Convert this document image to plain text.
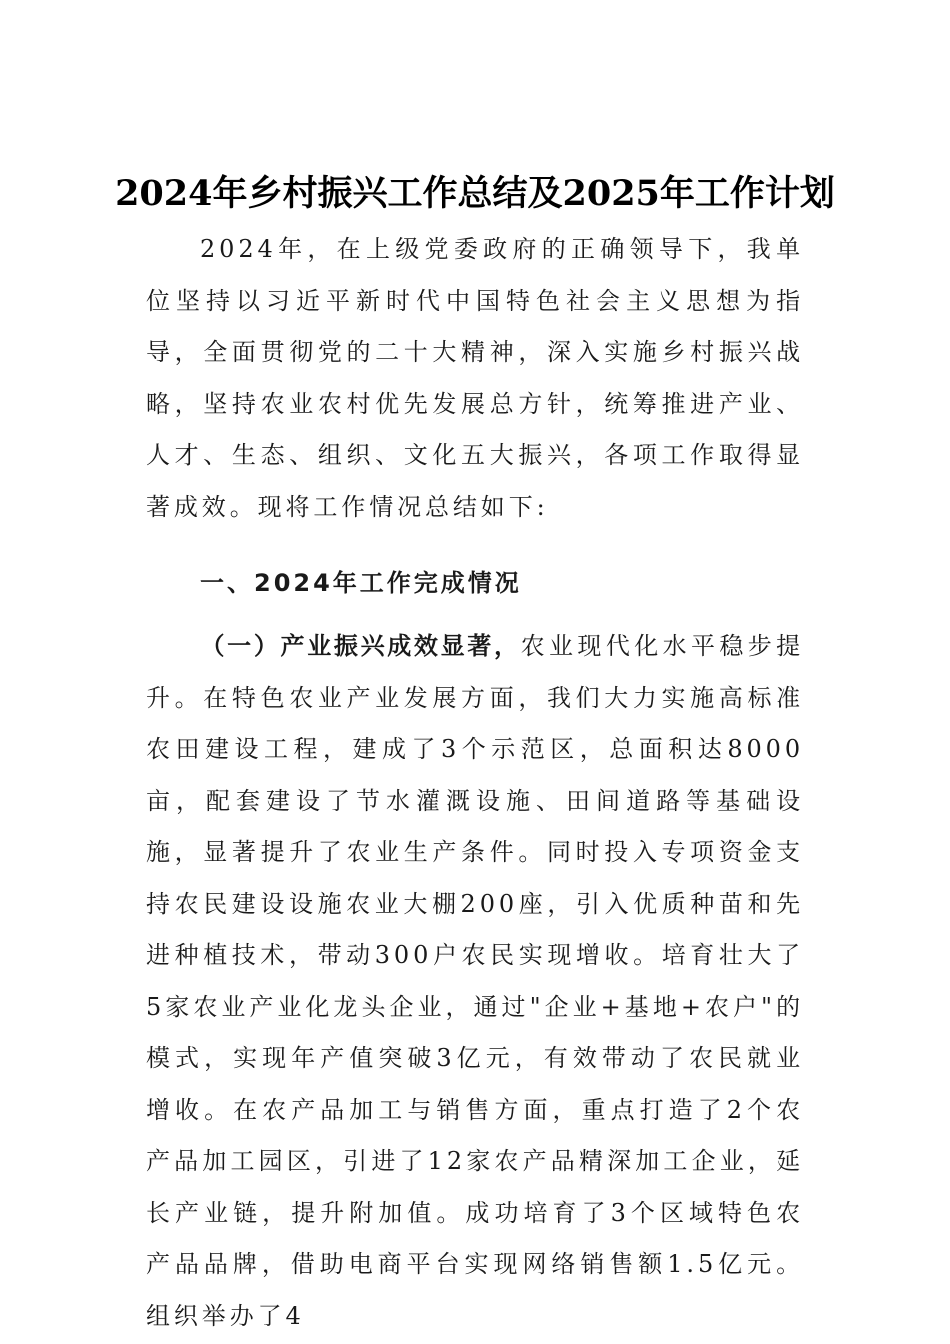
2024年乡村振兴工作总结及2025年工作计划

2024年，在上级党委政府的正确领导下，我单位坚持以习近平新时代中国特色社会主义思想为指导，全面贯彻党的二十大精神，深入实施乡村振兴战略，坚持农业农村优先发展总方针，统筹推进产业、人才、生态、组织、文化五大振兴，各项工作取得显著成效。现将工作情况总结如下:

一、2024年工作完成情况

（一）产业振兴成效显著，农业现代化水平稳步提升。在特色农业产业发展方面，我们大力实施高标准农田建设工程，建成了3个示范区，总面积达8000亩，配套建设了节水灌溉设施、田间道路等基础设施，显著提升了农业生产条件。同时投入专项资金支持农民建设设施农业大棚200座，引入优质种苗和先进种植技术，带动300户农民实现增收。培育壮大了5家农业产业化龙头企业，通过"企业+基地+农户"的模式，实现年产值突破3亿元，有效带动了农民就业增收。在农产品加工与销售方面，重点打造了2个农产品加工园区，引进了12家农产品精深加工企业，延长产业链，提升附加值。成功培育了3个区域特色农产品品牌，借助电商平台实现网络销售额1.5亿元。组织举办了4
